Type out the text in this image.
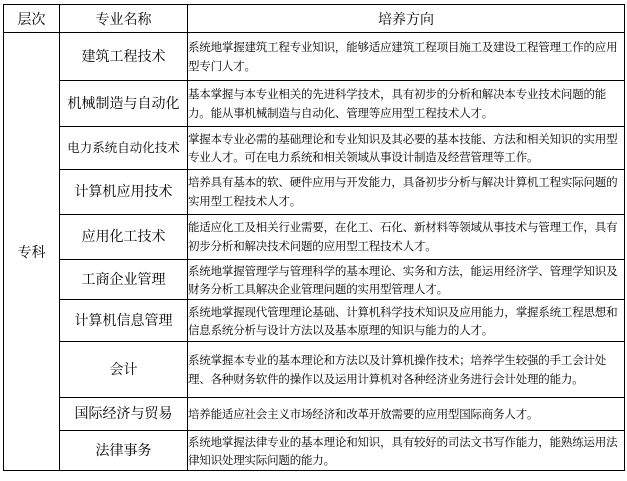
层次	专业名称	培养方向
专科	建筑工程技术	系统地掌握建筑工程专业知识，能够适应建筑工程项目施工及建设工程管理工作的应用型专门人才。
	机械制造与自动化	基本掌握与本专业相关的先进科学技术，具有初步的分析和解决本专业技术问题的能力。能从事机械制造与自动化、管理等应用型工程技术人才。
	电力系统自动化技术	掌握本专业必需的基础理论和专业知识及其必要的基本技能、方法和相关知识的实用型专业人才。可在电力系统和相关领域从事设计制造及经营管理等工作。
	计算机应用技术	培养具有基本的软、硬件应用与开发能力，具备初步分析与解决计算机工程实际问题的实用型工程技术人才。
	应用化工技术	能适应化工及相关行业需要，在化工、石化、新材料等领域从事技术与管理工作，具有初步分析和解决技术问题的应用型工程技术人才。
	工商企业管理	系统地掌握管理学与管理科学的基本理论、实务和方法，能运用经济学、管理学知识及财务分析工具解决企业管理问题的实用型管理人才。
	计算机信息管理	系统地掌握现代管理理论基础、计算机科学技术知识及应用能力，掌握系统工程思想和信息系统分析与设计方法以及基本原理的知识与能力的人才。
	会计	系统掌握本专业的基本理论和方法以及计算机操作技术；培养学生较强的手工会计处理、各种财务软件的操作以及运用计算机对各种经济业务进行会计处理的能力。
	国际经济与贸易	培养能适应社会主义市场经济和改革开放需要的应用型国际商务人才。
	法律事务	系统地掌握法律专业的基本理论和知识，具有较好的司法文书写作能力，能熟练运用法律知识处理实际问题的能力。
